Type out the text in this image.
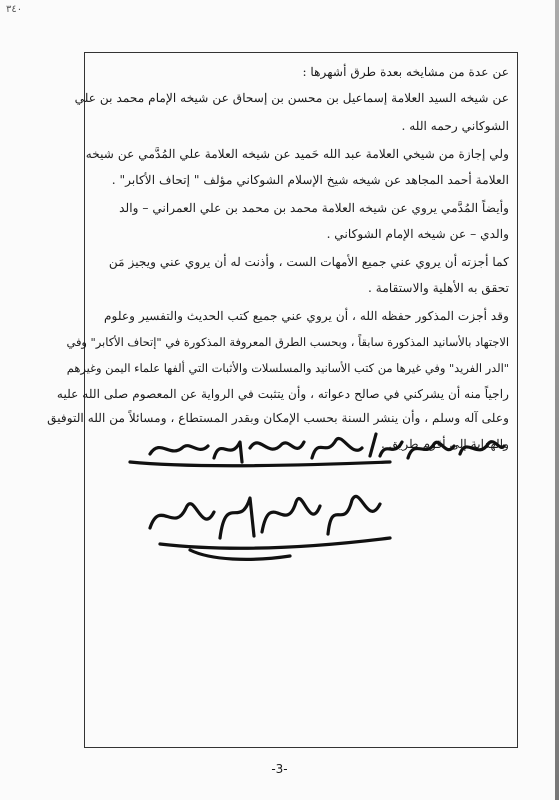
٣٤٠
عن عدة من مشايخه بعدة طرق أشهرها :
عن شيخه السيد العلامة إسماعيل بن محسن بن إسحاق عن شيخه الإمام محمد بن علي
الشوكاني رحمه الله .
ولي إجازة من شيخي العلامة عبد الله حَميد عن شيخه العلامة علي المُدَّمي عن شيخه
العلامة أحمد المجاهد عن شيخه شيخ الإسلام الشوكاني مؤلف " إتحاف الأكابر" .
وأيضاً المُدَّمي يروي عن شيخه العلامة محمد بن محمد بن علي العمراني – والد
والدي – عن شيخه الإمام الشوكاني .
كما أجزته أن يروي عني جميع الأمهات الست ، وأذنت له أن يروي عني ويجيز مَن
تحقق به الأهلية والاستقامة .
وقد أجزت المذكور حفظه الله ، أن يروي عني جميع كتب الحديث والتفسير وعلوم
الاجتهاد بالأسانيد المذكورة سابقاً ، وبحسب الطرق المعروفة المذكورة في "إتحاف الأكابر" وفي
"الدر الفريد" وفي غيرها من كتب الأسانيد والمسلسلات والأثبات التي ألفها علماء اليمن وغيرهم
راجياً منه أن يشركني في صالح دعواته ، وأن يتثبت في الرواية عن المعصوم صلى الله عليه
وعلى آله وسلم ، وأن ينشر السنة بحسب الإمكان وبقدر المستطاع ، ومسائلاً من الله التوفيق
والهداية إلى أقوم طريق .
-3-
